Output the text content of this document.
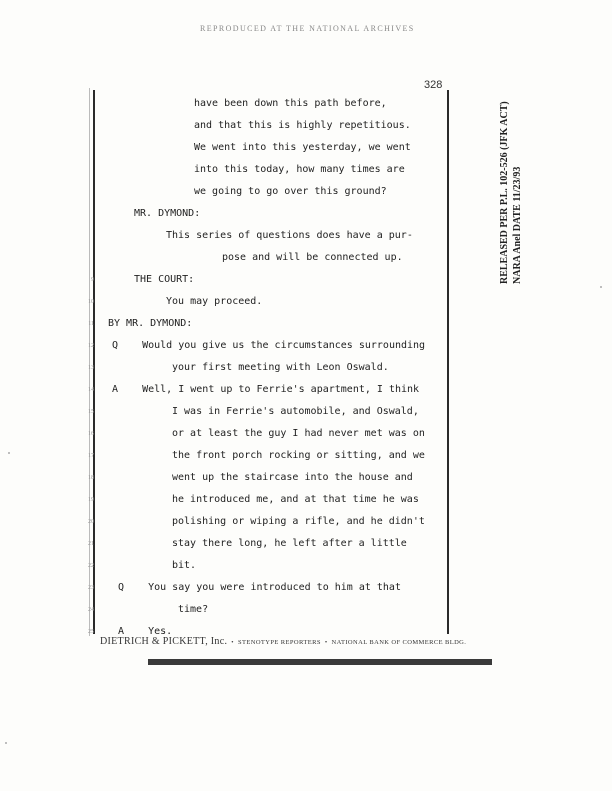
REPRODUCED AT THE NATIONAL ARCHIVES
328
9
10
11
12
13
14
15
16
17
18
19
20
21
22
23
24
25
have been down this path before,
and that this is highly repetitious.
We went into this yesterday, we went
into this today, how many times are
we going to go over this ground?
MR. DYMOND:
This series of questions does have a pur-
pose and will be connected up.
THE COURT:
You may proceed.
BY MR. DYMOND:
Q    Would you give us the circumstances surrounding
your first meeting with Leon Oswald.
A    Well, I went up to Ferrie's apartment, I think
I was in Ferrie's automobile, and Oswald,
or at least the guy I had never met was on
the front porch rocking or sitting, and we
went up the staircase into the house and
he introduced me, and at that time he was
polishing or wiping a rifle, and he didn't
stay there long, he left after a little
bit.
Q    You say you were introduced to him at that
time?
A    Yes.
DIETRICH & PICKETT, Inc. • STENOTYPE REPORTERS • NATIONAL BANK OF COMMERCE BLDG.
RELEASED PER P.L. 102-526 (JFK ACT) NARA Anel DATE 11/23/93
